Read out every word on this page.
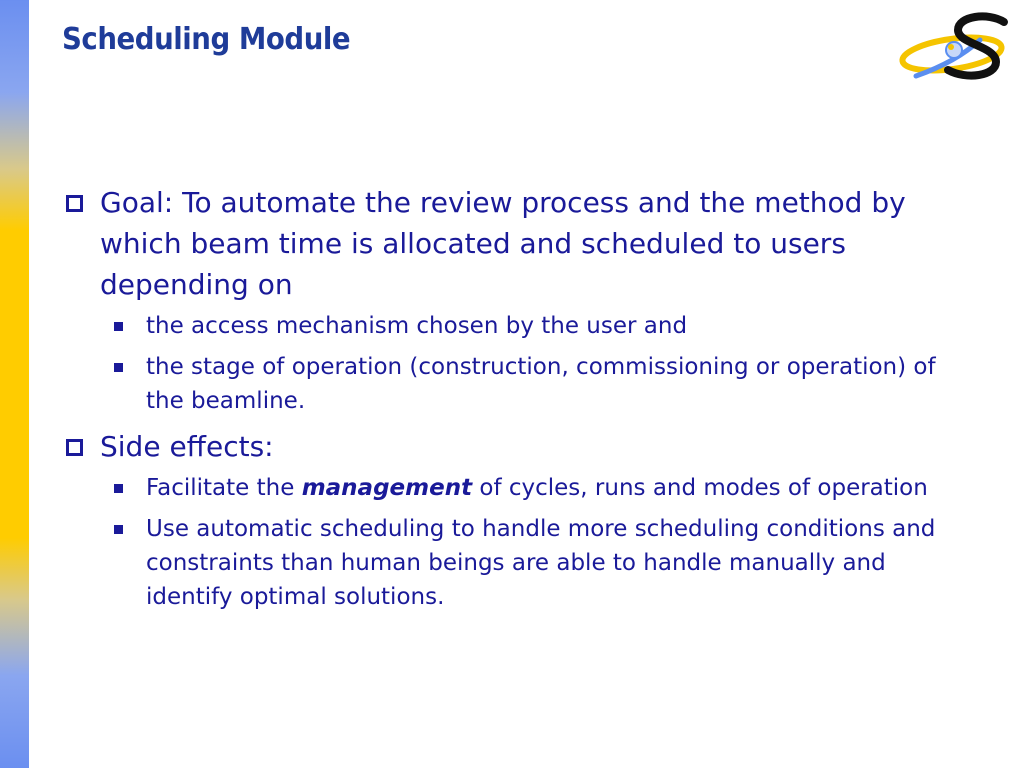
Scheduling Module
Goal: To automate the review process and the method by which beam time is allocated and scheduled to users depending on
the access mechanism chosen by the user and
the stage of operation (construction, commissioning or operation) of the beamline.
Side effects:
Facilitate the management of cycles, runs and modes of operation
Use automatic scheduling to handle more scheduling conditions and constraints than human beings are able to handle manually and identify optimal solutions.
